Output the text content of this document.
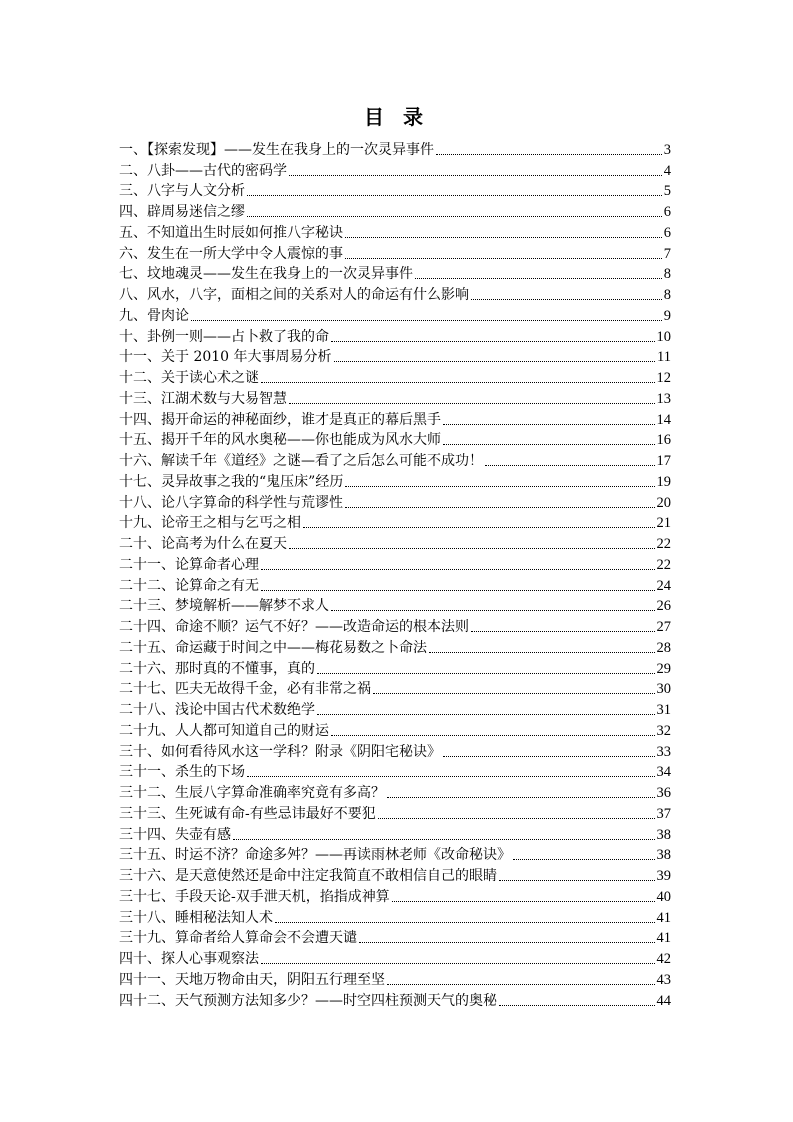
目 录
一、【探索发现】——发生在我身上的一次灵异事件	3
二、八卦——古代的密码学	4
三、八字与人文分析	5
四、辟周易迷信之缪	6
五、不知道出生时辰如何推八字秘诀	6
六、发生在一所大学中令人震惊的事	7
七、坟地魂灵——发生在我身上的一次灵异事件	8
八、风水，八字，面相之间的关系对人的命运有什么影响	8
九、骨肉论	9
十、卦例一则——占卜救了我的命	10
十一、关于 2010 年大事周易分析	11
十二、关于读心术之谜	12
十三、江湖术数与大易智慧	13
十四、揭开命运的神秘面纱，谁才是真正的幕后黑手	14
十五、揭开千年的风水奥秘——你也能成为风水大师	16
十六、解读千年《道经》之谜—看了之后怎么可能不成功！	17
十七、灵异故事之我的“鬼压床”经历	19
十八、论八字算命的科学性与荒谬性	20
十九、论帝王之相与乞丐之相	21
二十、论高考为什么在夏天	22
二十一、论算命者心理	22
二十二、论算命之有无	24
二十三、梦境解析——解梦不求人	26
二十四、命途不顺？运气不好？——改造命运的根本法则	27
二十五、命运藏于时间之中——梅花易数之卜命法	28
二十六、那时真的不懂事，真的	29
二十七、匹夫无故得千金，必有非常之祸	30
二十八、浅论中国古代术数绝学	31
二十九、人人都可知道自己的财运	32
三十、如何看待风水这一学科？附录《阴阳宅秘诀》	33
三十一、杀生的下场	34
三十二、生辰八字算命准确率究竟有多高？	36
三十三、生死诚有命-有些忌讳最好不要犯	37
三十四、失壶有感	38
三十五、时运不济？命途多舛？——再读雨林老师《改命秘诀》	38
三十六、是天意使然还是命中注定我简直不敢相信自己的眼睛	39
三十七、手段天论-双手泄天机，掐指成神算	40
三十八、睡相秘法知人术	41
三十九、算命者给人算命会不会遭天谴	41
四十、探人心事观察法	42
四十一、天地万物命由天，阴阳五行理至坚	43
四十二、天气预测方法知多少？——时空四柱预测天气的奥秘	44
